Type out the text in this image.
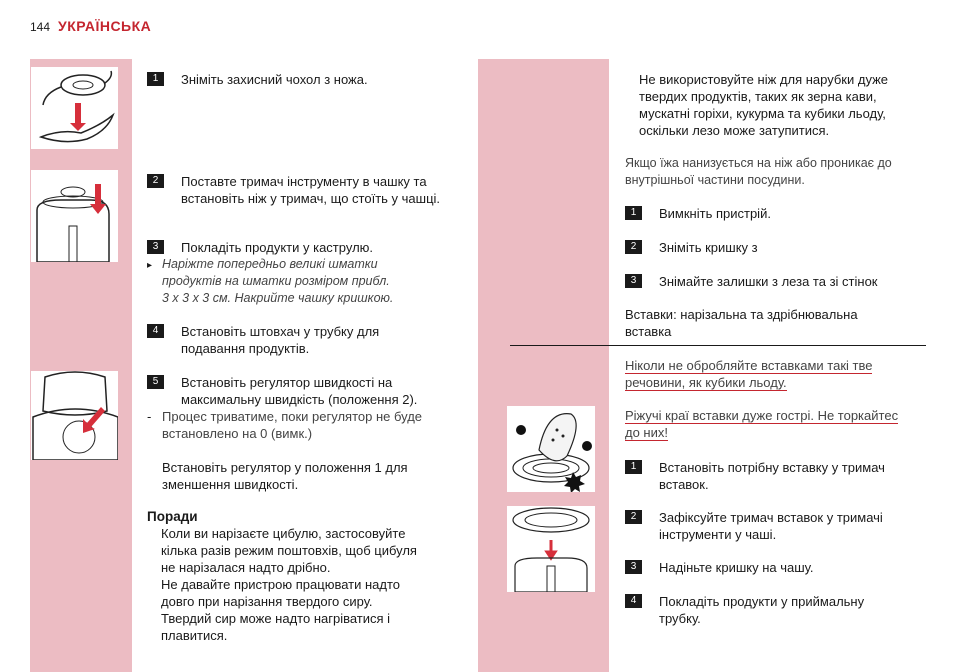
144 УКРАЇНСЬКА
1	Зніміть захисний чохол з ножа.
2	Поставте тримач інструменту в чашку та встановіть ніж у тримач, що стоїть у чашці.
3	Покладіть продукти у каструлю.
▸ Наріжте попередньо великі шматки
продуктів на шматки розміром прибл.
3 x 3 x 3 см. Накрийте чашку кришкою.
4	Встановіть штовхач у трубку для подавання продуктів.
5	Встановіть регулятор швидкості на максимальну швидкість (положення 2).
- Процес триватиме, поки регулятор не буде встановлено на 0 (вимк.)
Встановіть регулятор у положення 1 для зменшення швидкості.
Поради
Коли ви нарізаєте цибулю, застосовуйте
кілька разів режим поштовхів, щоб цибуля
не нарізалася надто дрібно.
Не давайте пристрою працювати надто
довго при нарізання твердого сиру.
Твердий сир може надто нагріватися і
плавитися.
Не використовуйте ніж для нарубки дуже
твердих продуктів, таких як зерна кави,
мускатні горіхи, кукурма та кубики льоду,
оскільки лезо може затупитися.
Якщо їжа нанизується на ніж або проникає до
внутрішньої частини посудини.
1	Вимкніть пристрій.
2	Зніміть кришку з
3	Знімайте залишки з леза та зі стінок
Вставки: нарізальна та здрібнювальна
вставка
Ніколи не обробляйте вставками такі тве
речовини, як кубики льоду.
Ріжучі краї вставки дуже гострі. Не торкайтес
до них!
1	Встановіть потрібну вставку у тримач вставок.
2	Зафіксуйте тримач вставок у тримачі інструменти у чаші.
3	Надіньте кришку на чашу.
4	Покладіть продукти у приймальну трубку.
